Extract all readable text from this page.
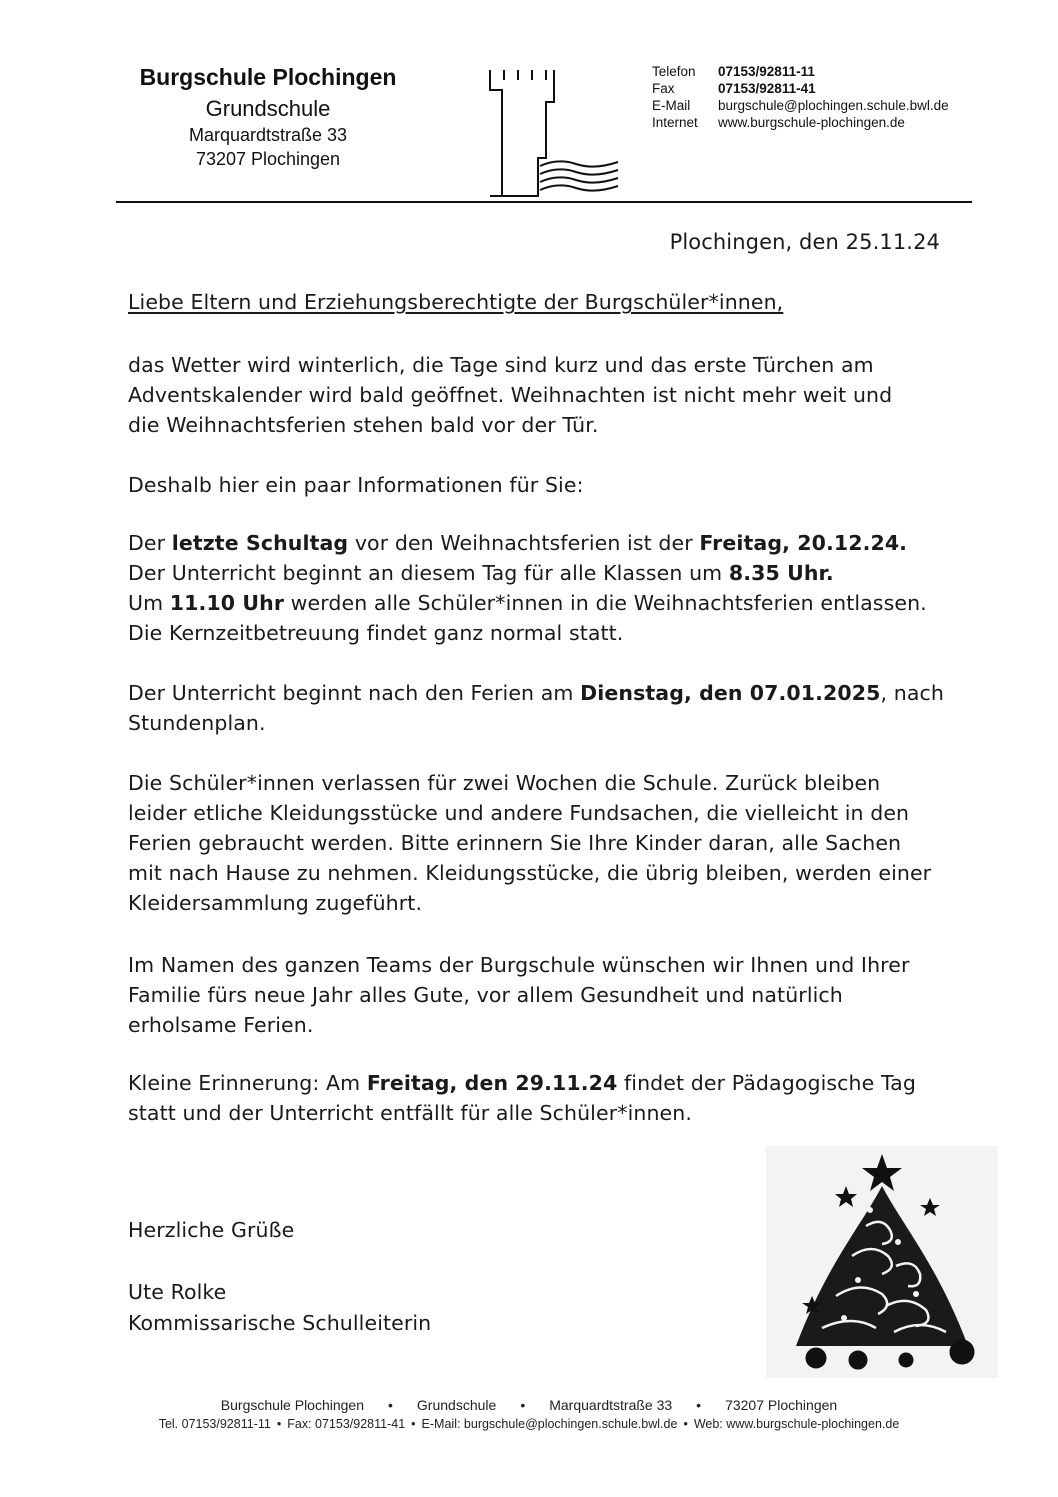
Burgschule Plochingen
Grundschule
Marquardtstraße 33
73207 Plochingen
Telefon	07153/92811-11
Fax	07153/92811-41
E-Mail	burgschule@plochingen.schule.bwl.de
Internet	www.burgschule-plochingen.de
Plochingen, den 25.11.24
Liebe Eltern und Erziehungsberechtigte der Burgschüler*innen,
das Wetter wird winterlich, die Tage sind kurz und das erste Türchen am
Adventskalender wird bald geöffnet. Weihnachten ist nicht mehr weit und
die Weihnachtsferien stehen bald vor der Tür.
Deshalb hier ein paar Informationen für Sie:
Der letzte Schultag vor den Weihnachtsferien ist der Freitag, 20.12.24.
Der Unterricht beginnt an diesem Tag für alle Klassen um 8.35 Uhr.
Um 11.10 Uhr werden alle Schüler*innen in die Weihnachtsferien entlassen.
Die Kernzeitbetreuung findet ganz normal statt.
Der Unterricht beginnt nach den Ferien am Dienstag, den 07.01.2025, nach
Stundenplan.
Die Schüler*innen verlassen für zwei Wochen die Schule. Zurück bleiben
leider etliche Kleidungsstücke und andere Fundsachen, die vielleicht in den
Ferien gebraucht werden. Bitte erinnern Sie Ihre Kinder daran, alle Sachen
mit nach Hause zu nehmen. Kleidungsstücke, die übrig bleiben, werden einer
Kleidersammlung zugeführt.
Im Namen des ganzen Teams der Burgschule wünschen wir Ihnen und Ihrer
Familie fürs neue Jahr alles Gute, vor allem Gesundheit und natürlich
erholsame Ferien.
Kleine Erinnerung: Am Freitag, den 29.11.24 findet der Pädagogische Tag
statt und der Unterricht entfällt für alle Schüler*innen.
Herzliche Grüße
Ute Rolke
Kommissarische Schulleiterin
Burgschule Plochingen • Grundschule • Marquardtstraße 33 • 73207 Plochingen
Tel. 07153/92811-11 • Fax: 07153/92811-41 • E-Mail: burgschule@plochingen.schule.bwl.de • Web: www.burgschule-plochingen.de
